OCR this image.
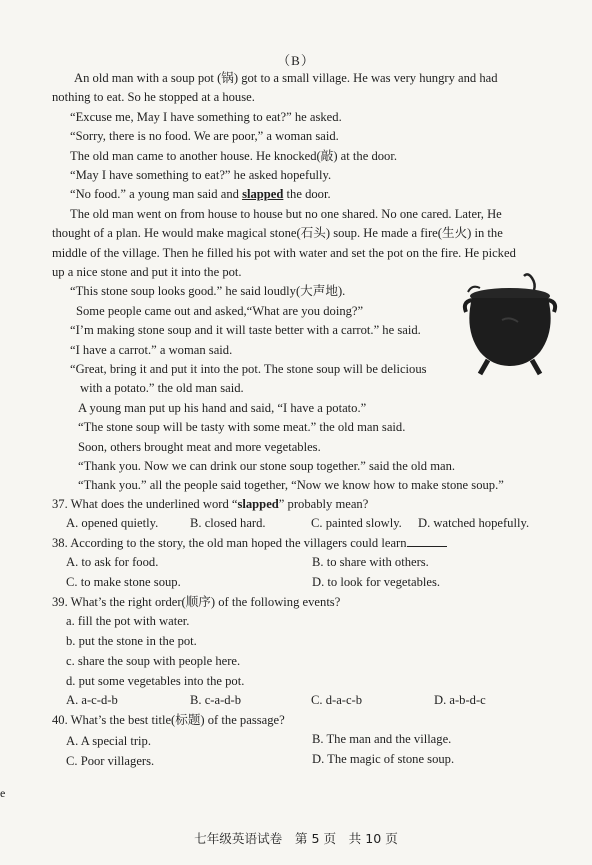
（B）
An old man with a soup pot (锅) got to a small village. He was very hungry and had
nothing to eat. So he stopped at a house.
“Excuse me, May I have something to eat?” he asked.
“Sorry, there is no food. We are poor,” a woman said.
The old man came to another house. He knocked(敲) at the door.
“May I have something to eat?” he asked hopefully.
“No food.” a young man said and slapped the door.
The old man went on from house to house but no one shared. No one cared. Later, He
thought of a plan. He would make magical stone(石头) soup. He made a fire(生火) in the
middle of the village. Then he filled his pot with water and set the pot on the fire. He picked
up a nice stone and put it into the pot.
“This stone soup looks good.” he said loudly(大声地).
Some people came out and asked,“What are you doing?”
“I’m making stone soup and it will taste better with a carrot.” he said.
“I have a carrot.” a woman said.
“Great, bring it and put it into the pot. The stone soup will be delicious
with a potato.” the old man said.
A young man put up his hand and said, “I have a potato.”
“The stone soup will be tasty with some meat.” the old man said.
Soon, others brought meat and more vegetables.
“Thank you. Now we can drink our stone soup together.” said the old man.
“Thank you.” all the people said together, “Now we know how to make stone soup.”
37. What does the underlined word “slapped” probably mean?
A. opened quietly.	B. closed hard.	C. painted slowly. D. watched hopefully.
38. According to the story, the old man hoped the villagers could learn
A. to ask for food.	B. to share with others.
C. to make stone soup.	D. to look for vegetables.
39. What’s the right order(顺序) of the following events?
a. fill the pot with water.
b. put the stone in the pot.
c. share the soup with people here.
d. put some vegetables into the pot.
A. a-c-d-b	B. c-a-d-b	C. d-a-c-b	D. a-b-d-c
40. What’s the best title(标题) of the passage?
A. A special trip.	B. The man and the village.
C. Poor villagers.	D. The magic of stone soup.
e
七年级英语试卷　第 5 页　共 10 页
